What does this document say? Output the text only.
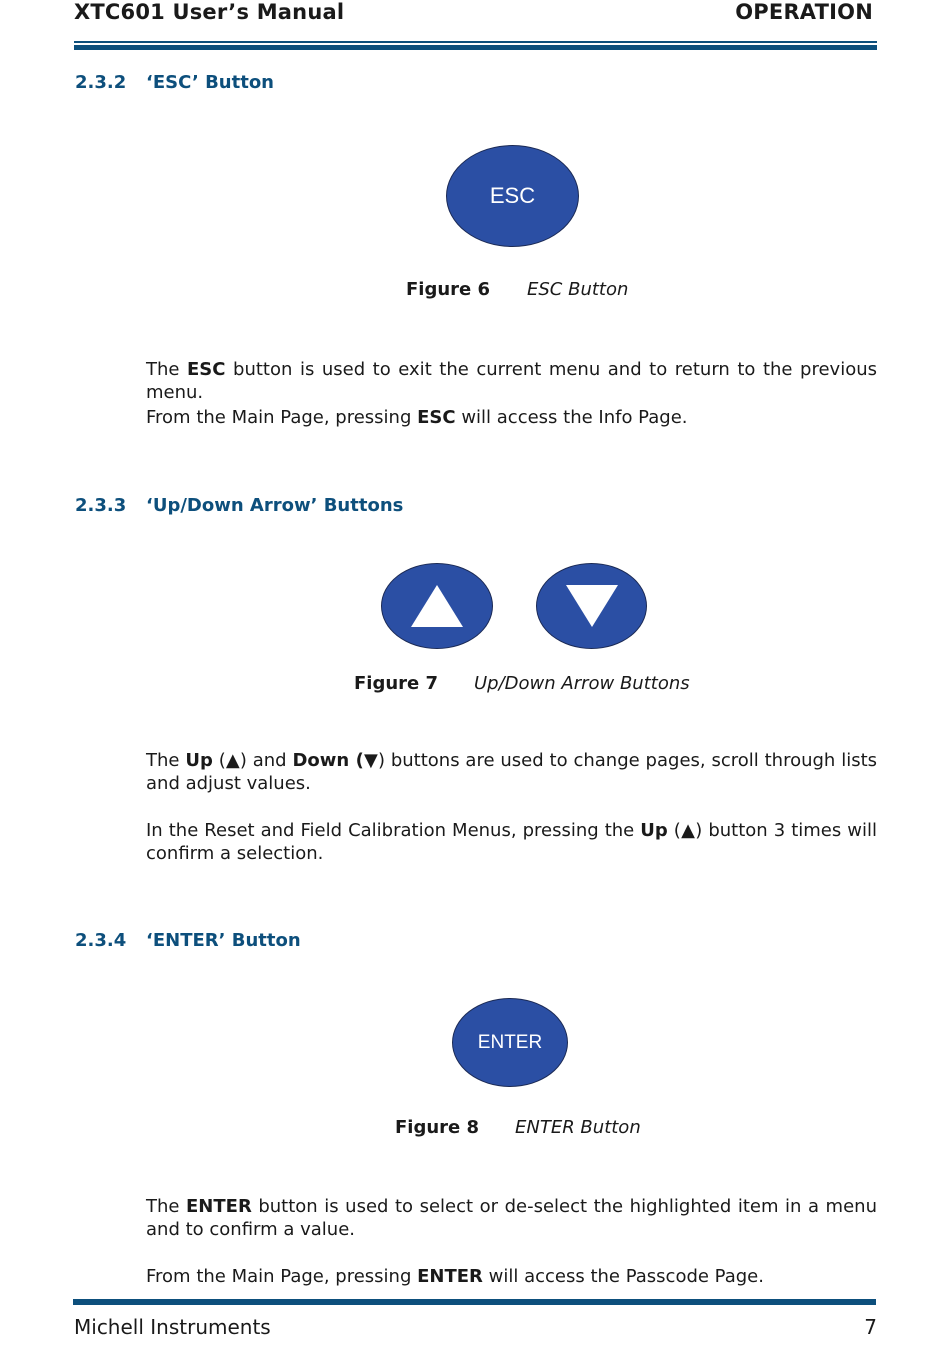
XTC601 User’s Manual	OPERATION
2.3.2 ‘ESC’ Button
ESC
Figure 6 ESC Button
The ESC button is used to exit the current menu and to return to the previous menu.
From the Main Page, pressing ESC will access the Info Page.
2.3.3 ‘Up/Down Arrow’ Buttons
Figure 7 Up/Down Arrow Buttons
The Up (▲) and Down (▼) buttons are used to change pages, scroll through lists and adjust values.
In the Reset and Field Calibration Menus, pressing the Up (▲) button 3 times will confirm a selection.
2.3.4 ‘ENTER’ Button
ENTER
Figure 8 ENTER Button
The ENTER button is used to select or de-select the highlighted item in a menu and to confirm a value.
From the Main Page, pressing ENTER will access the Passcode Page.
Michell Instruments	7
